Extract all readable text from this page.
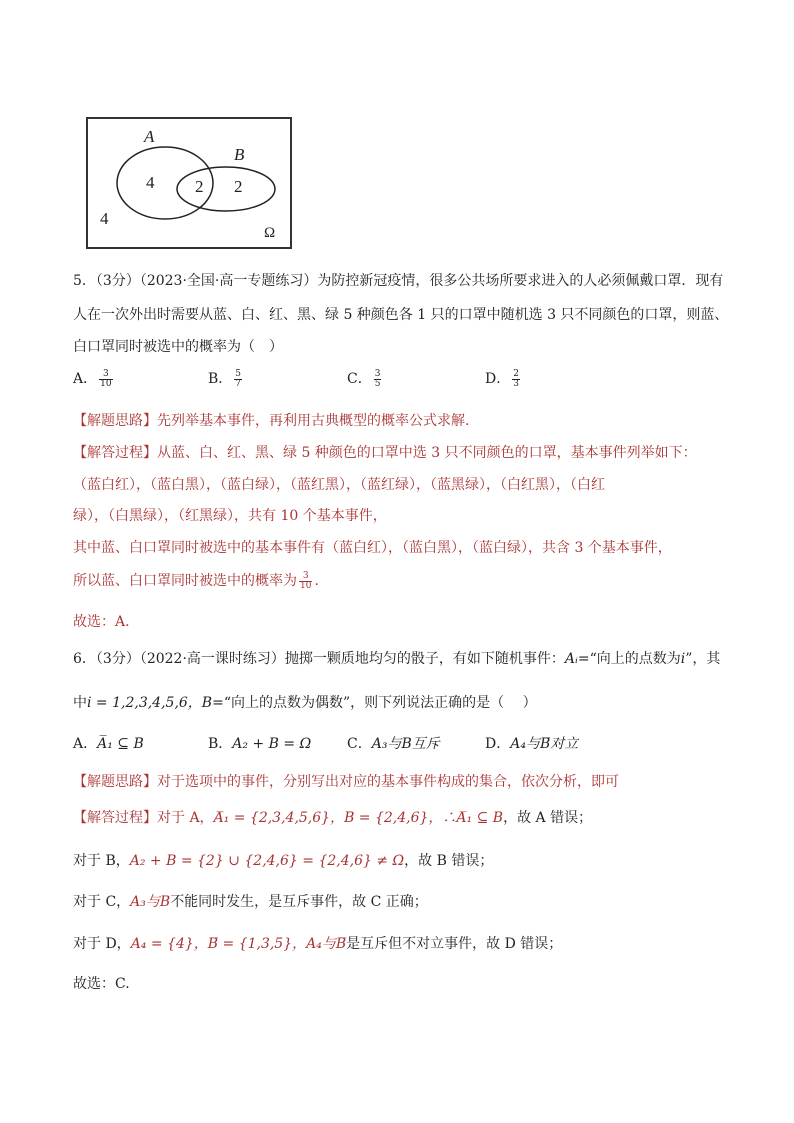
A
B
4 2 2
4
Ω
5．（3分）（2023·全国·高一专题练习）为防控新冠疫情，很多公共场所要求进入的人必须佩戴口罩．现有
人在一次外出时需要从蓝、白、红、黑、绿 5 种颜色各 1 只的口罩中随机选 3 只不同颜色的口罩，则蓝、
白口罩同时被选中的概率为（　）
A． $\frac{3}{10}$	B． $\frac{5}{7}$	C． $\frac{3}{5}$	D． $\frac{2}{3}$
【解题思路】先列举基本事件，再利用古典概型的概率公式求解.
【解答过程】从蓝、白、红、黑、绿 5 种颜色的口罩中选 3 只不同颜色的口罩，基本事件列举如下：
（蓝白红），（蓝白黑），（蓝白绿），（蓝红黑），（蓝红绿），（蓝黑绿），（白红黑），（白红
绿），（白黑绿），（红黑绿），共有 10 个基本事件，
其中蓝、白口罩同时被选中的基本事件有（蓝白红），（蓝白黑），（蓝白绿），共含 3 个基本事件，
所以蓝、白口罩同时被选中的概率为 $\frac{3}{10}$ .
故选：A.
6．（3分）（2022·高一课时练习）抛掷一颗质地均匀的骰子，有如下随机事件：Aᵢ=“向上的点数为𝑖”，其
中𝑖 = 1,2,3,4,5,6，𝐵=“向上的点数为偶数”，则下列说法正确的是（　 ）
A．A̅₁ ⊆ 𝐵	B．𝐴₂ + 𝐵 = 𝛺	C．𝐴₃与𝐵互斥	D．𝐴₄与𝐵̅对立
【解题思路】对于选项中的事件，分别写出对应的基本事件构成的集合，依次分析，即可
【解答过程】对于 A，𝐴̅₁ = {2,3,4,5,6}，𝐵 = {2,4,6}，∴𝐴̅₁ ⊆ 𝐵，故 A 错误；
对于 B，𝐴₂ + 𝐵 = {2} ∪ {2,4,6} = {2,4,6} ≠ 𝛺，故 B 错误；
对于 C，𝐴₃与𝐵不能同时发生，是互斥事件，故 C 正确；
对于 D，𝐴₄ = {4}，𝐵̅ = {1,3,5}，𝐴₄与𝐵̅是互斥但不对立事件，故 D 错误；
故选：C.
